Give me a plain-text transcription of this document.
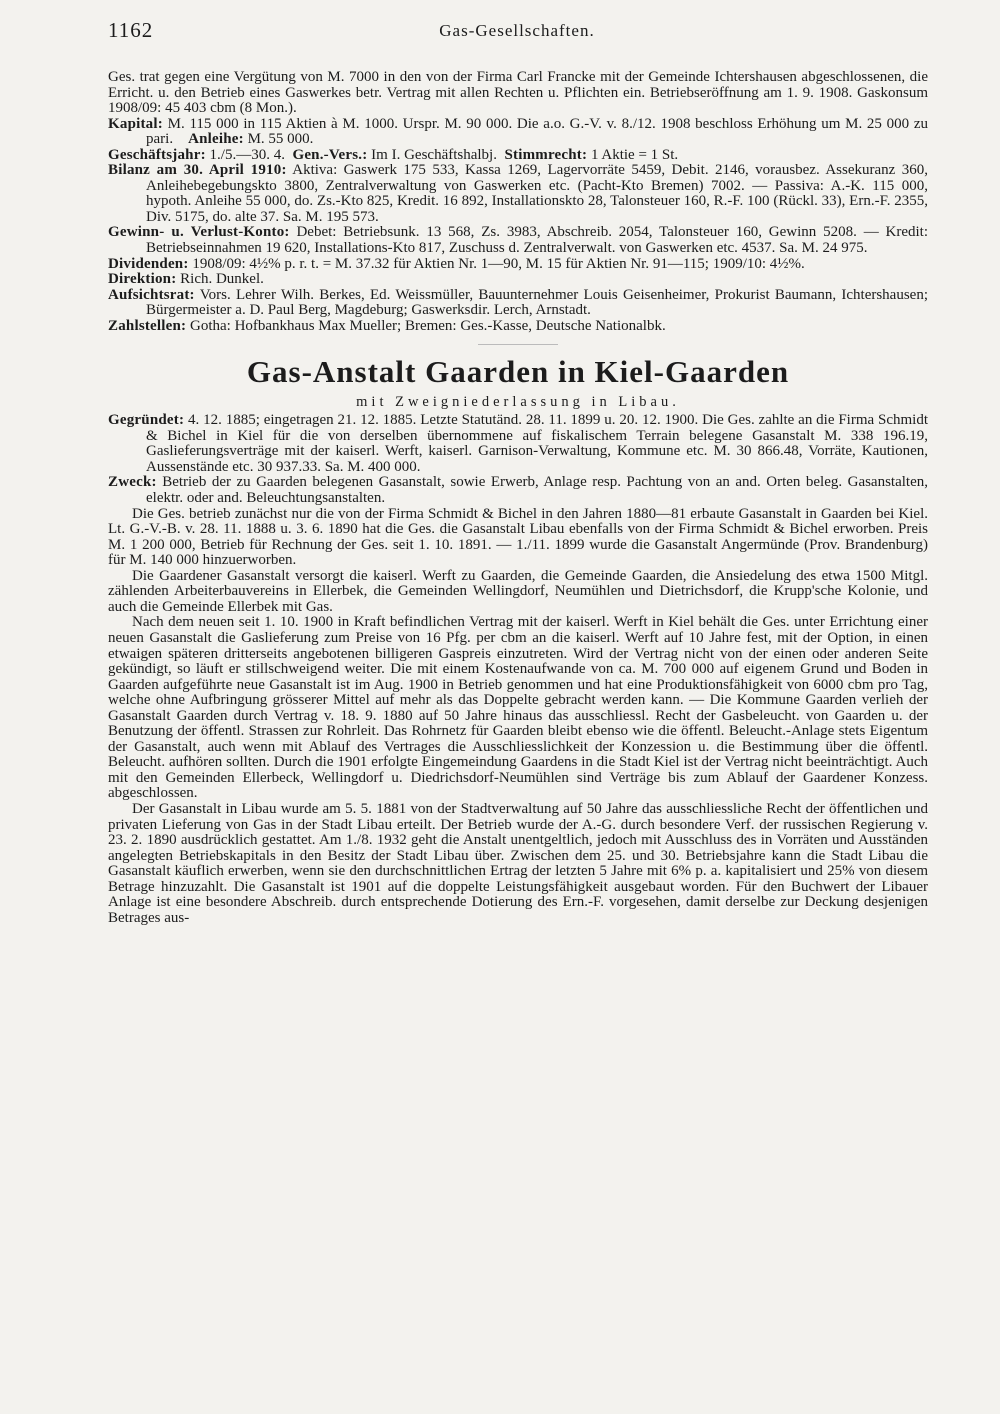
1162	Gas-Gesellschaften.

Ges. trat gegen eine Vergütung von M. 7000 in den von der Firma Carl Francke mit der Gemeinde Ichtershausen abgeschlossenen, die Erricht. u. den Betrieb eines Gaswerkes betr. Vertrag mit allen Rechten u. Pflichten ein. Betriebseröffnung am 1. 9. 1908. Gaskonsum 1908/09: 45 403 cbm (8 Mon.).

Kapital: M. 115 000 in 115 Aktien à M. 1000. Urspr. M. 90 000. Die a.o. G.-V. v. 8./12. 1908 beschloss Erhöhung um M. 25 000 zu pari. Anleihe: M. 55 000.

Geschäftsjahr: 1./5.—30. 4. Gen.-Vers.: Im I. Geschäftshalbj. Stimmrecht: 1 Aktie = 1 St.

Bilanz am 30. April 1910: Aktiva: Gaswerk 175 533, Kassa 1269, Lagervorräte 5459, Debit. 2146, vorausbez. Assekuranz 360, Anleihebegebungskto 3800, Zentralverwaltung von Gaswerken etc. (Pacht-Kto Bremen) 7002. — Passiva: A.-K. 115 000, hypoth. Anleihe 55 000, do. Zs.-Kto 825, Kredit. 16 892, Installationskto 28, Talonsteuer 160, R.-F. 100 (Rückl. 33), Ern.-F. 2355, Div. 5175, do. alte 37. Sa. M. 195 573.

Gewinn- u. Verlust-Konto: Debet: Betriebsunk. 13 568, Zs. 3983, Abschreib. 2054, Talonsteuer 160, Gewinn 5208. — Kredit: Betriebseinnahmen 19 620, Installations-Kto 817, Zuschuss d. Zentralverwalt. von Gaswerken etc. 4537. Sa. M. 24 975.

Dividenden: 1908/09: 4½% p. r. t. = M. 37.32 für Aktien Nr. 1—90, M. 15 für Aktien Nr. 91—115; 1909/10: 4½%.

Direktion: Rich. Dunkel.

Aufsichtsrat: Vors. Lehrer Wilh. Berkes, Ed. Weissmüller, Bauunternehmer Louis Geisenheimer, Prokurist Baumann, Ichtershausen; Bürgermeister a. D. Paul Berg, Magdeburg; Gaswerksdir. Lerch, Arnstadt.

Zahlstellen: Gotha: Hofbankhaus Max Mueller; Bremen: Ges.-Kasse, Deutsche Nationalbk.

Gas-Anstalt Gaarden in Kiel-Gaarden
mit Zweigniederlassung in Libau.

Gegründet: 4. 12. 1885; eingetragen 21. 12. 1885. Letzte Statutänd. 28. 11. 1899 u. 20. 12. 1900. Die Ges. zahlte an die Firma Schmidt & Bichel in Kiel für die von derselben übernommene auf fiskalischem Terrain belegene Gasanstalt M. 338 196.19, Gaslieferungsverträge mit der kaiserl. Werft, kaiserl. Garnison-Verwaltung, Kommune etc. M. 30 866.48, Vorräte, Kautionen, Aussenstände etc. 30 937.33. Sa. M. 400 000.

Zweck: Betrieb der zu Gaarden belegenen Gasanstalt, sowie Erwerb, Anlage resp. Pachtung von an and. Orten beleg. Gasanstalten, elektr. oder and. Beleuchtungsanstalten.

Die Ges. betrieb zunächst nur die von der Firma Schmidt & Bichel in den Jahren 1880—81 erbaute Gasanstalt in Gaarden bei Kiel. Lt. G.-V.-B. v. 28. 11. 1888 u. 3. 6. 1890 hat die Ges. die Gasanstalt Libau ebenfalls von der Firma Schmidt & Bichel erworben. Preis M. 1 200 000, Betrieb für Rechnung der Ges. seit 1. 10. 1891. — 1./11. 1899 wurde die Gasanstalt Angermünde (Prov. Brandenburg) für M. 140 000 hinzuerworben.

Die Gaardener Gasanstalt versorgt die kaiserl. Werft zu Gaarden, die Gemeinde Gaarden, die Ansiedelung des etwa 1500 Mitgl. zählenden Arbeiterbauvereins in Ellerbek, die Gemeinden Wellingdorf, Neumühlen und Dietrichsdorf, die Krupp'sche Kolonie, und auch die Gemeinde Ellerbek mit Gas.

Nach dem neuen seit 1. 10. 1900 in Kraft befindlichen Vertrag mit der kaiserl. Werft in Kiel behält die Ges. unter Errichtung einer neuen Gasanstalt die Gaslieferung zum Preise von 16 Pfg. per cbm an die kaiserl. Werft auf 10 Jahre fest, mit der Option, in einen etwaigen späteren dritterseits angebotenen billigeren Gaspreis einzutreten. Wird der Vertrag nicht von der einen oder anderen Seite gekündigt, so läuft er stillschweigend weiter. Die mit einem Kostenaufwande von ca. M. 700 000 auf eigenem Grund und Boden in Gaarden aufgeführte neue Gasanstalt ist im Aug. 1900 in Betrieb genommen und hat eine Produktionsfähigkeit von 6000 cbm pro Tag, welche ohne Aufbringung grösserer Mittel auf mehr als das Doppelte gebracht werden kann. — Die Kommune Gaarden verlieh der Gasanstalt Gaarden durch Vertrag v. 18. 9. 1880 auf 50 Jahre hinaus das ausschliessl. Recht der Gasbeleucht. von Gaarden u. der Benutzung der öffentl. Strassen zur Rohrleit. Das Rohrnetz für Gaarden bleibt ebenso wie die öffentl. Beleucht.-Anlage stets Eigentum der Gasanstalt, auch wenn mit Ablauf des Vertrages die Ausschliesslichkeit der Konzession u. die Bestimmung über die öffentl. Beleucht. aufhören sollten. Durch die 1901 erfolgte Eingemeindung Gaardens in die Stadt Kiel ist der Vertrag nicht beeinträchtigt. Auch mit den Gemeinden Ellerbeck, Wellingdorf u. Diedrichsdorf-Neumühlen sind Verträge bis zum Ablauf der Gaardener Konzess. abgeschlossen.

Der Gasanstalt in Libau wurde am 5. 5. 1881 von der Stadtverwaltung auf 50 Jahre das ausschliessliche Recht der öffentlichen und privaten Lieferung von Gas in der Stadt Libau erteilt. Der Betrieb wurde der A.-G. durch besondere Verf. der russischen Regierung v. 23. 2. 1890 ausdrücklich gestattet. Am 1./8. 1932 geht die Anstalt unentgeltlich, jedoch mit Ausschluss des in Vorräten und Ausständen angelegten Betriebskapitals in den Besitz der Stadt Libau über. Zwischen dem 25. und 30. Betriebsjahre kann die Stadt Libau die Gasanstalt käuflich erwerben, wenn sie den durchschnittlichen Ertrag der letzten 5 Jahre mit 6% p. a. kapitalisiert und 25% von diesem Betrage hinzuzahlt. Die Gasanstalt ist 1901 auf die doppelte Leistungsfähigkeit ausgebaut worden. Für den Buchwert der Libauer Anlage ist eine besondere Abschreib. durch entsprechende Dotierung des Ern.-F. vorgesehen, damit derselbe zur Deckung desjenigen Betrages aus-
